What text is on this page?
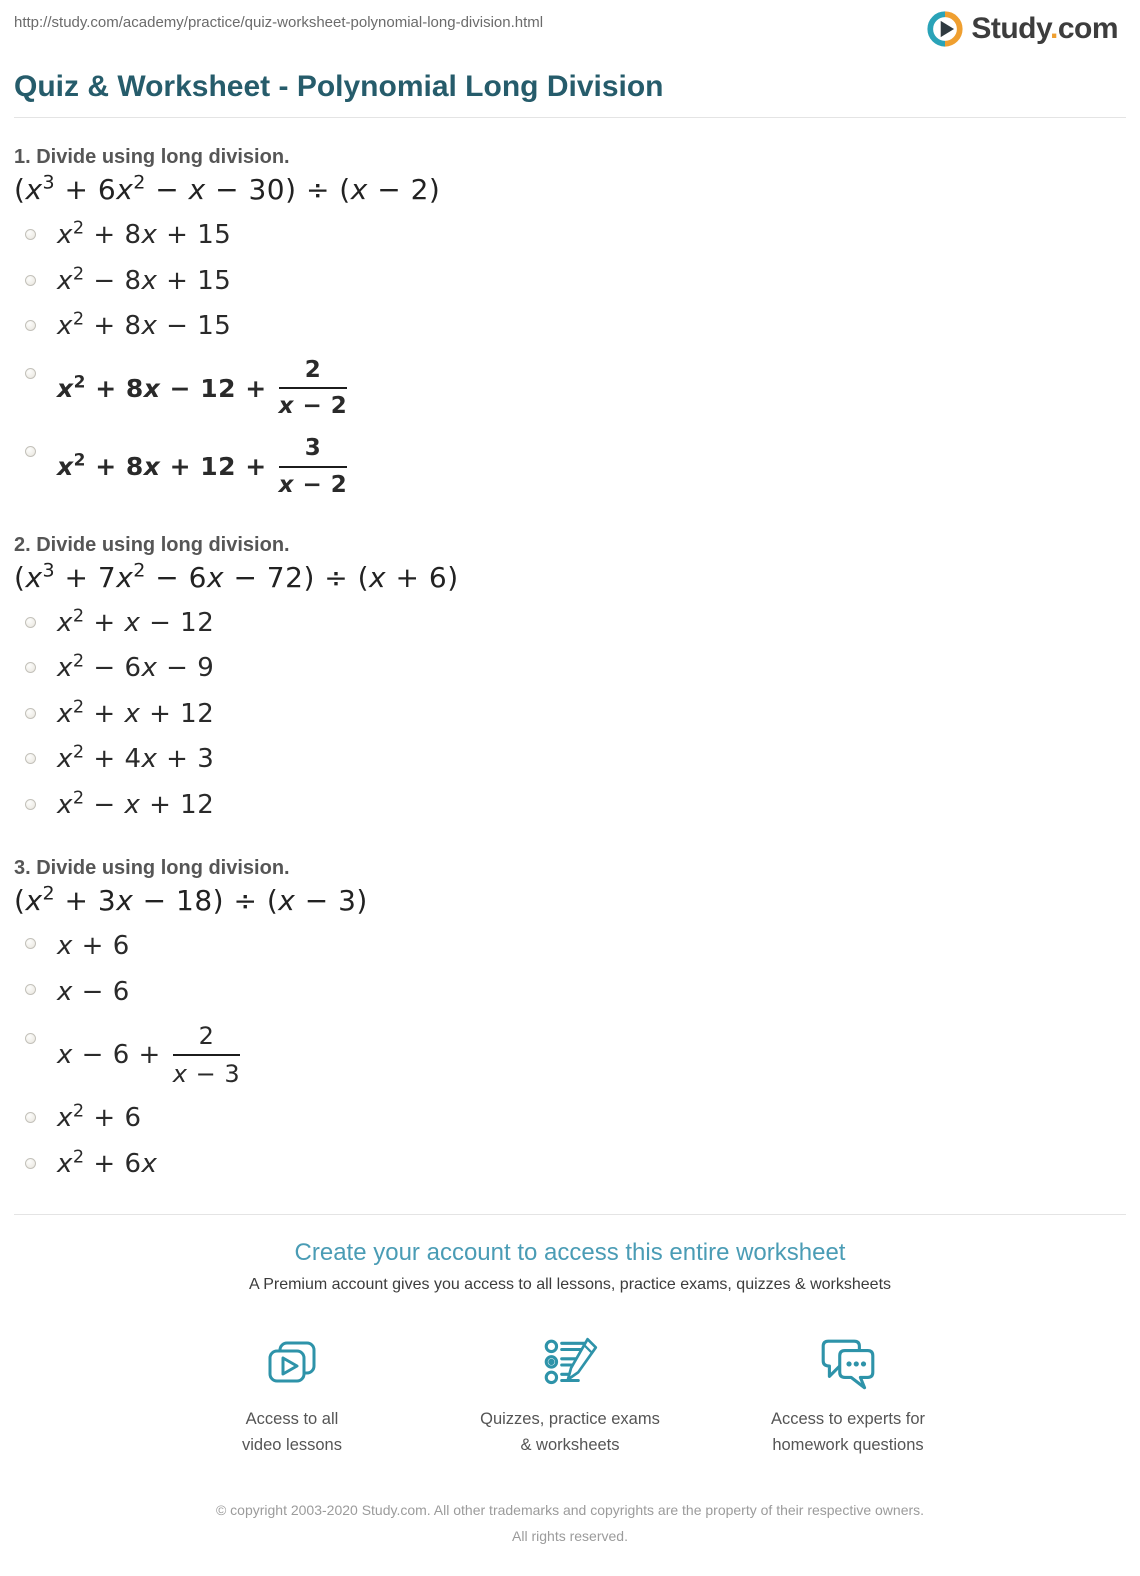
http://study.com/academy/practice/quiz-worksheet-polynomial-long-division.html	Study.com
Quiz & Worksheet - Polynomial Long Division
1. Divide using long division.
$(x^3 + 6x^2 - x - 30) \div (x - 2)$
$x^2 + 8x + 15$
$x^2 - 8x + 15$
$x^2 + 8x - 15$
$x^2 + 8x - 12 + \frac{2}{x - 2}$
$x^2 + 8x + 12 + \frac{3}{x - 2}$
2. Divide using long division.
$(x^3 + 7x^2 - 6x - 72) \div (x + 6)$
$x^2 + x - 12$
$x^2 - 6x - 9$
$x^2 + x + 12$
$x^2 + 4x + 3$
$x^2 - x + 12$
3. Divide using long division.
$(x^2 + 3x - 18) \div (x - 3)$
x + 6
x − 6
$x - 6 + \frac{2}{x - 3}$
$x^2 + 6$
$x^2 + 6x$
Create your account to access this entire worksheet
A Premium account gives you access to all lessons, practice exams, quizzes & worksheets
Access to all
video lessons
Quizzes, practice exams
& worksheets
Access to experts for
homework questions
© copyright 2003-2020 Study.com. All other trademarks and copyrights are the property of their respective owners. All rights reserved.
